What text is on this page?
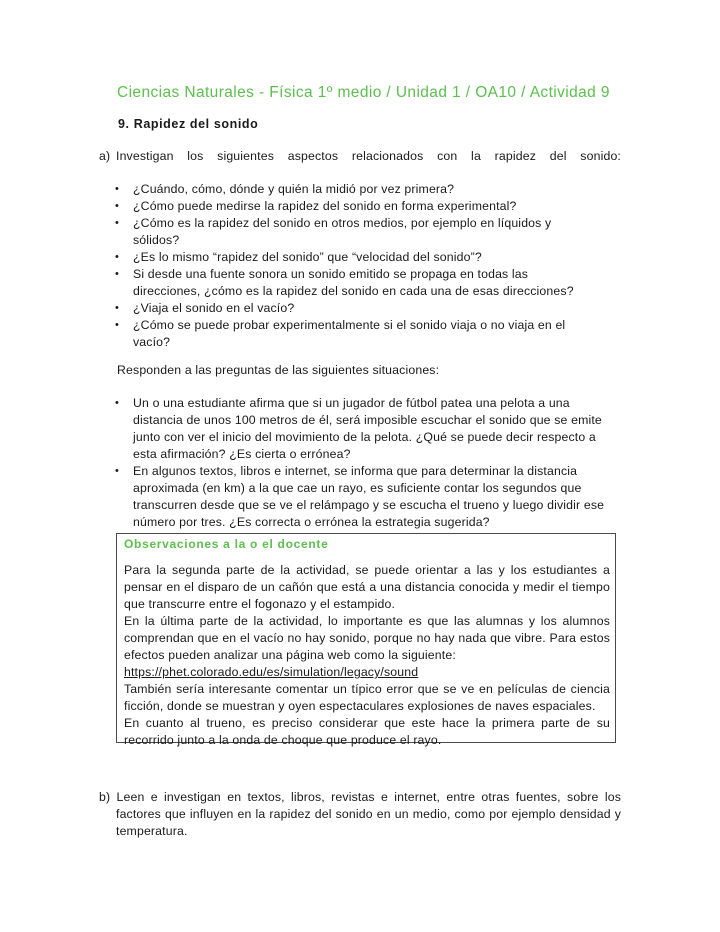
Ciencias Naturales - Física 1º medio / Unidad 1 / OA10 / Actividad 9
9. Rapidez del sonido
a) Investigan los siguientes aspectos relacionados con la rapidez del sonido:
• ¿Cuándo, cómo, dónde y quién la midió por vez primera?
• ¿Cómo puede medirse la rapidez del sonido en forma experimental?
• ¿Cómo es la rapidez del sonido en otros medios, por ejemplo en líquidos y sólidos?
• ¿Es lo mismo “rapidez del sonido” que “velocidad del sonido”?
• Si desde una fuente sonora un sonido emitido se propaga en todas las direcciones, ¿cómo es la rapidez del sonido en cada una de esas direcciones?
• ¿Viaja el sonido en el vacío?
• ¿Cómo se puede probar experimentalmente si el sonido viaja o no viaja en el vacío?
Responden a las preguntas de las siguientes situaciones:
• Un o una estudiante afirma que si un jugador de fútbol patea una pelota a una distancia de unos 100 metros de él, será imposible escuchar el sonido que se emite junto con ver el inicio del movimiento de la pelota. ¿Qué se puede decir respecto a esta afirmación? ¿Es cierta o errónea?
• En algunos textos, libros e internet, se informa que para determinar la distancia aproximada (en km) a la que cae un rayo, es suficiente contar los segundos que transcurren desde que se ve el relámpago y se escucha el trueno y luego dividir ese número por tres. ¿Es correcta o errónea la estrategia sugerida?
Observaciones a la o el docente

Para la segunda parte de la actividad, se puede orientar a las y los estudiantes a pensar en el disparo de un cañón que está a una distancia conocida y medir el tiempo que transcurre entre el fogonazo y el estampido.

En la última parte de la actividad, lo importante es que las alumnas y los alumnos comprendan que en el vacío no hay sonido, porque no hay nada que vibre. Para estos efectos pueden analizar una página web como la siguiente:

https://phet.colorado.edu/es/simulation/legacy/sound

También sería interesante comentar un típico error que se ve en películas de ciencia ficción, donde se muestran y oyen espectaculares explosiones de naves espaciales.

En cuanto al trueno, es preciso considerar que este hace la primera parte de su recorrido junto a la onda de choque que produce el rayo.

b) Leen e investigan en textos, libros, revistas e internet, entre otras fuentes, sobre los factores que influyen en la rapidez del sonido en un medio, como por ejemplo densidad y temperatura.
